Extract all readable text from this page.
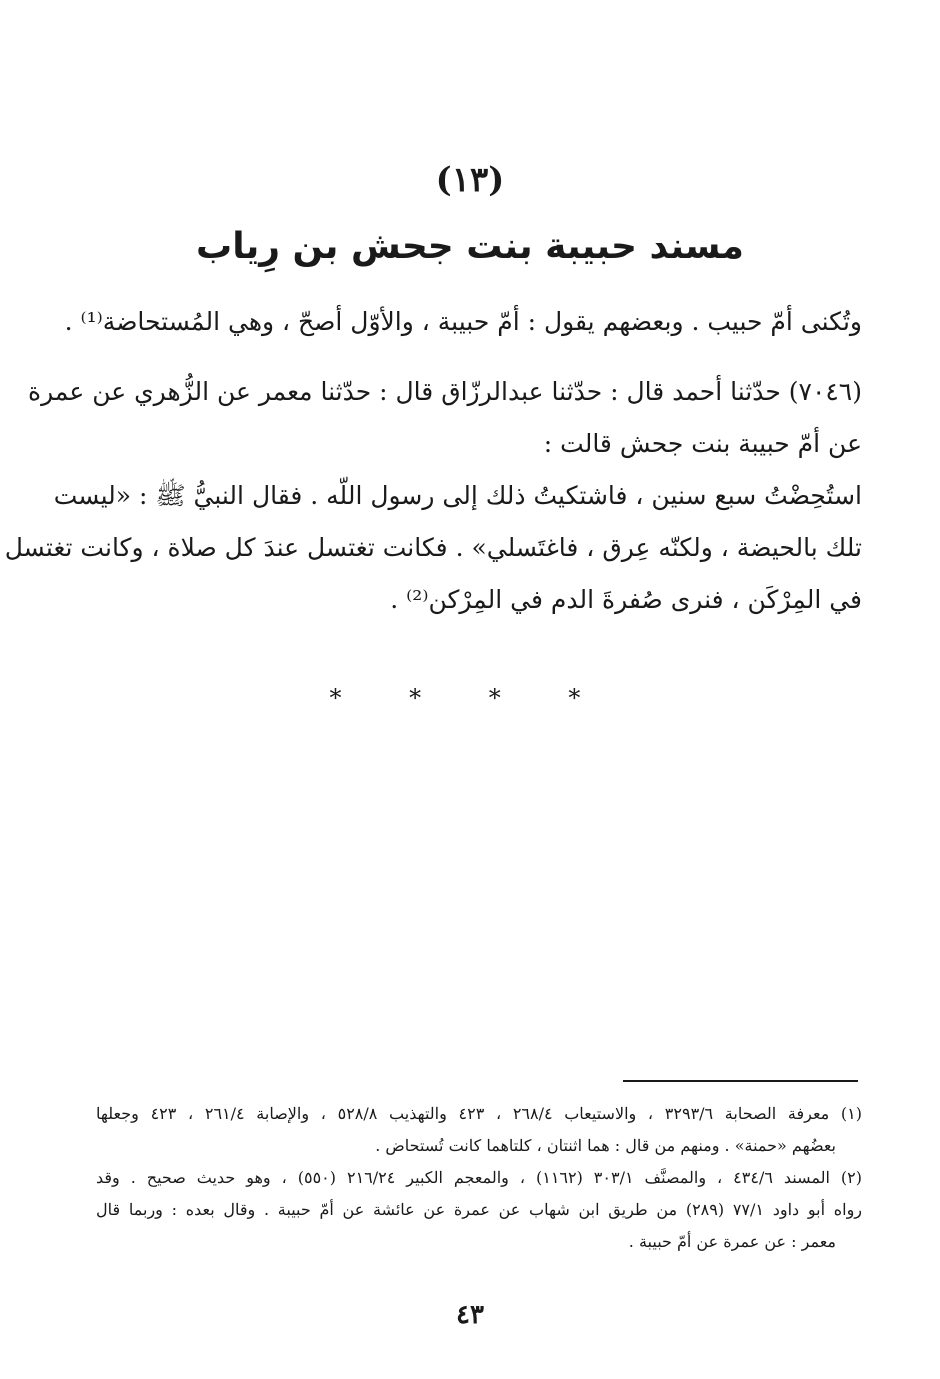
(١٣)
مسند حبيبة بنت جحش بن رِياب
وتُكنى أمّ حبيب . وبعضهم يقول : أمّ حبيبة ، والأوّل أصحّ ، وهي المُستحاضة⁽¹⁾ .
(٧٠٤٦) حدّثنا أحمد قال : حدّثنا عبدالرزّاق قال : حدّثنا معمر عن الزُّهري عن عمرة
عن أمّ حبيبة بنت جحش قالت :
استُحِضْتُ سبع سنين ، فاشتكيتُ ذلك إلى رسول اللّه . فقال النبيُّ ﷺ : «ليست
تلك بالحيضة ، ولكنّه عِرق ، فاغتَسلي» . فكانت تغتسل عندَ كل صلاة ، وكانت تغتسل
في المِرْكَن ، فنرى صُفرةَ الدم في المِرْكن⁽²⁾ .
* * * *
(١) معرفة الصحابة ٣٢٩٣/٦ ، والاستيعاب ٢٦٨/٤ ، ٤٢٣ والتهذيب ٥٢٨/٨ ، والإصابة ٢٦١/٤ ، ٤٢٣ وجعلها
بعضُهم «حمنة» . ومنهم من قال : هما اثنتان ، كلتاهما كانت تُستحاض .
(٢) المسند ٤٣٤/٦ ، والمصنَّف ٣٠٣/١ (١١٦٢) ، والمعجم الكبير ٢١٦/٢٤ (٥٥٠) ، وهو حديث صحيح . وقد
رواه أبو داود ٧٧/١ (٢٨٩) من طريق ابن شهاب عن عمرة عن عائشة عن أمّ حبيبة . وقال بعده : وربما قال
معمر : عن عمرة عن أمّ حبيبة .
٤٣
